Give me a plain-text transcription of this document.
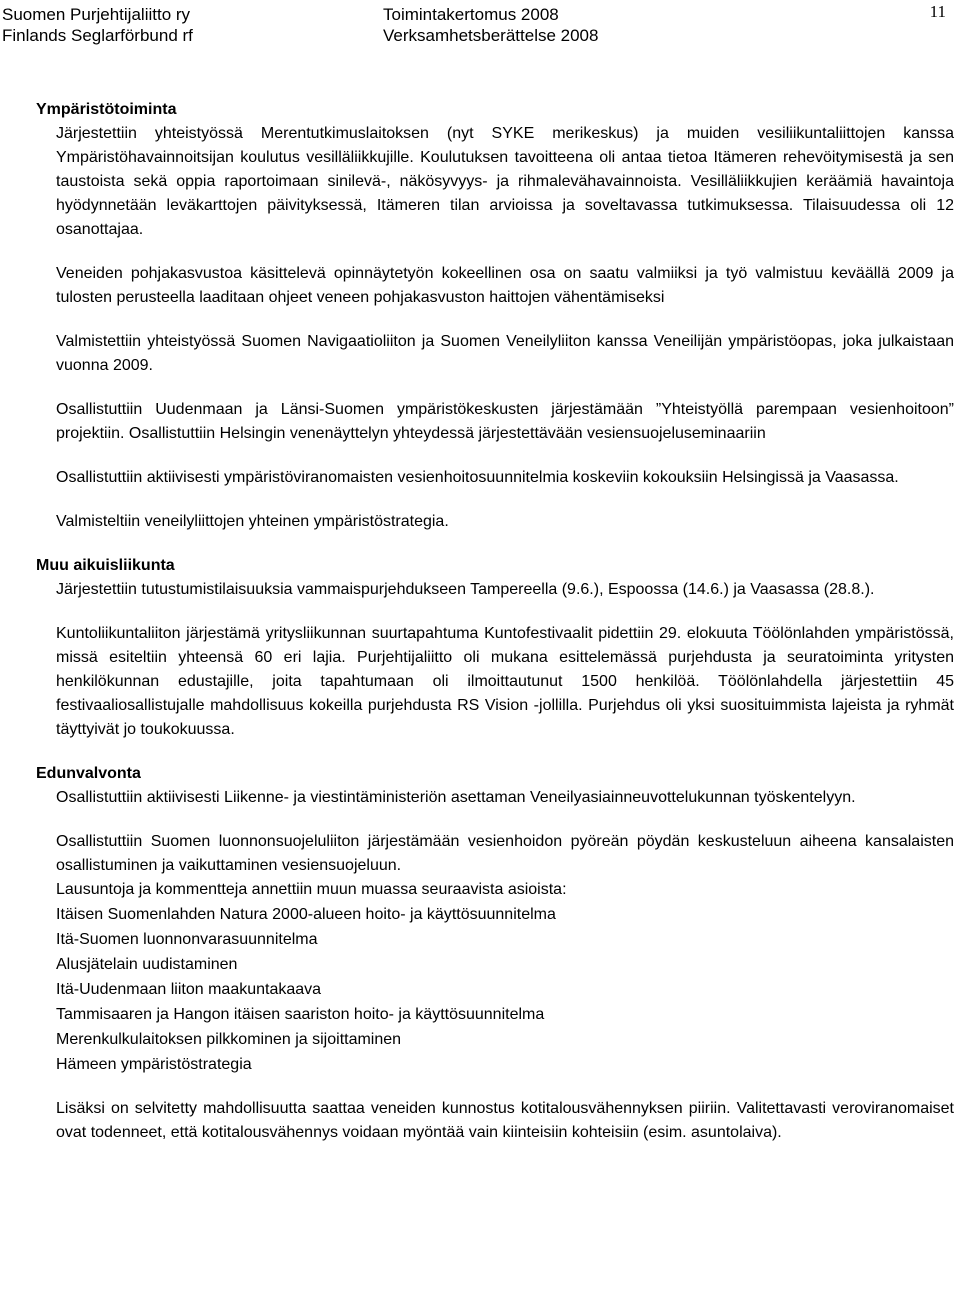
Suomen Purjehtijaliitto ry
Finlands Seglarförbund rf
Toimintakertomus 2008
Verksamhetsberättelse 2008
11
Ympäristötoiminta

Järjestettiin yhteistyössä Merentutkimuslaitoksen (nyt SYKE merikeskus) ja muiden vesiliikuntaliittojen kanssa Ympäristöhavainnoitsijan koulutus vesilläliikkujille. Koulutuksen tavoitteena oli antaa tietoa Itämeren rehevöitymisestä ja sen taustoista sekä oppia raportoimaan sinilevä-, näkösyvyys- ja rihmalevähavainnoista. Vesilläliikkujien keräämiä havaintoja hyödynnetään leväkarttojen päivityksessä, Itämeren tilan arvioissa ja soveltavassa tutkimuksessa. Tilaisuudessa oli 12 osanottajaa.

Veneiden pohjakasvustoa käsittelevä opinnäytetyön kokeellinen osa on saatu valmiiksi ja työ valmistuu keväällä 2009 ja tulosten perusteella laaditaan ohjeet veneen pohjakasvuston haittojen vähentämiseksi

Valmistettiin yhteistyössä Suomen Navigaatioliiton ja Suomen Veneilyliiton kanssa Veneilijän ympäristöopas, joka julkaistaan vuonna 2009.

Osallistuttiin Uudenmaan ja Länsi-Suomen ympäristökeskusten järjestämään ”Yhteistyöllä parempaan vesienhoitoon” projektiin. Osallistuttiin Helsingin venenäyttelyn yhteydessä järjestettävään vesiensuojeluseminaariin

Osallistuttiin aktiivisesti ympäristöviranomaisten vesienhoitosuunnitelmia koskeviin kokouksiin Helsingissä ja Vaasassa.

Valmisteltiin veneilyliittojen yhteinen ympäristöstrategia.

Muu aikuisliikunta

Järjestettiin tutustumistilaisuuksia vammaispurjehdukseen Tampereella (9.6.), Espoossa (14.6.) ja Vaasassa (28.8.).

Kuntoliikuntaliiton järjestämä yritysliikunnan suurtapahtuma Kuntofestivaalit pidettiin 29. elokuuta Töölönlahden ympäristössä, missä esiteltiin yhteensä 60 eri lajia. Purjehtijaliitto oli mukana esittelemässä purjehdusta ja seuratoiminta yritysten henkilökunnan edustajille, joita tapahtumaan oli ilmoittautunut 1500 henkilöä. Töölönlahdella järjestettiin 45 festivaaliosallistujalle mahdollisuus kokeilla purjehdusta RS Vision -jollilla. Purjehdus oli yksi suosituimmista lajeista ja ryhmät täyttyivät jo toukokuussa.

Edunvalvonta

Osallistuttiin aktiivisesti Liikenne- ja viestintäministeriön asettaman Veneilyasiainneuvottelukunnan työskentelyyn.

Osallistuttiin Suomen luonnonsuojeluliiton järjestämään vesienhoidon pyöreän pöydän keskusteluun aiheena kansalaisten osallistuminen ja vaikuttaminen vesiensuojeluun.

Lausuntoja ja kommentteja annettiin muun muassa seuraavista asioista:

Itäisen Suomenlahden Natura 2000-alueen hoito- ja käyttösuunnitelma
Itä-Suomen luonnonvarasuunnitelma
Alusjätelain uudistaminen
Itä-Uudenmaan liiton maakuntakaava
Tammisaaren ja Hangon itäisen saariston hoito- ja käyttösuunnitelma
Merenkulkulaitoksen pilkkominen ja sijoittaminen
Hämeen ympäristöstrategia

Lisäksi on selvitetty mahdollisuutta saattaa veneiden kunnostus kotitalousvähennyksen piiriin. Valitettavasti veroviranomaiset ovat todenneet, että kotitalousvähennys voidaan myöntää vain kiinteisiin kohteisiin (esim. asuntolaiva).
